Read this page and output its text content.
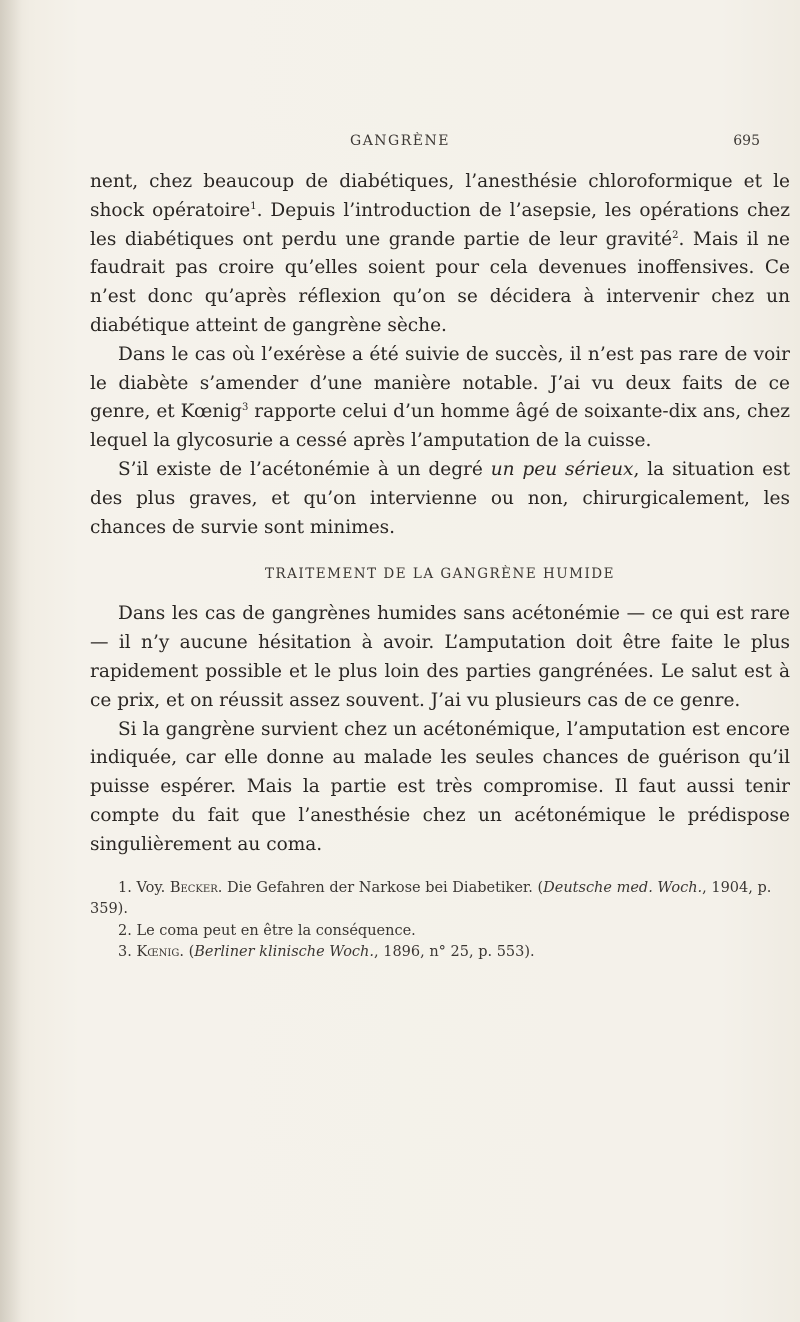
GANGRÈNE	695

nent, chez beaucoup de diabétiques, l’anesthésie chloroformique et le shock opératoire$^1$. Depuis l’introduction de l’asepsie, les opérations chez les diabétiques ont perdu une grande partie de leur gravité$^2$. Mais il ne faudrait pas croire qu’elles soient pour cela devenues inoffensives. Ce n’est donc qu’après réflexion qu’on se décidera à intervenir chez un diabétique atteint de gangrène sèche.

Dans le cas où l’exérèse a été suivie de succès, il n’est pas rare de voir le diabète s’amender d’une manière notable. J’ai vu deux faits de ce genre, et Kœnig$^3$ rapporte celui d’un homme âgé de soixante-dix ans, chez lequel la glycosurie a cessé après l’amputation de la cuisse.

S’il existe de l’acétonémie à un degré un peu sérieux, la situation est des plus graves, et qu’on intervienne ou non, chirurgicalement, les chances de survie sont minimes.

TRAITEMENT DE LA GANGRÈNE HUMIDE

Dans les cas de gangrènes humides sans acétonémie — ce qui est rare — il n’y aucune hésitation à avoir. L’amputation doit être faite le plus rapidement possible et le plus loin des parties gangrénées. Le salut est à ce prix, et on réussit assez souvent. J’ai vu plusieurs cas de ce genre.

Si la gangrène survient chez un acétonémique, l’amputation est encore indiquée, car elle donne au malade les seules chances de guérison qu’il puisse espérer. Mais la partie est très compromise. Il faut aussi tenir compte du fait que l’anesthésie chez un acétonémique le prédispose singulièrement au coma.

1. Voy. Becker. Die Gefahren der Narkose bei Diabetiker. (Deutsche med. Woch., 1904, p. 359).

2. Le coma peut en être la conséquence.

3. Kœnig. (Berliner klinische Woch., 1896, n° 25, p. 553).
